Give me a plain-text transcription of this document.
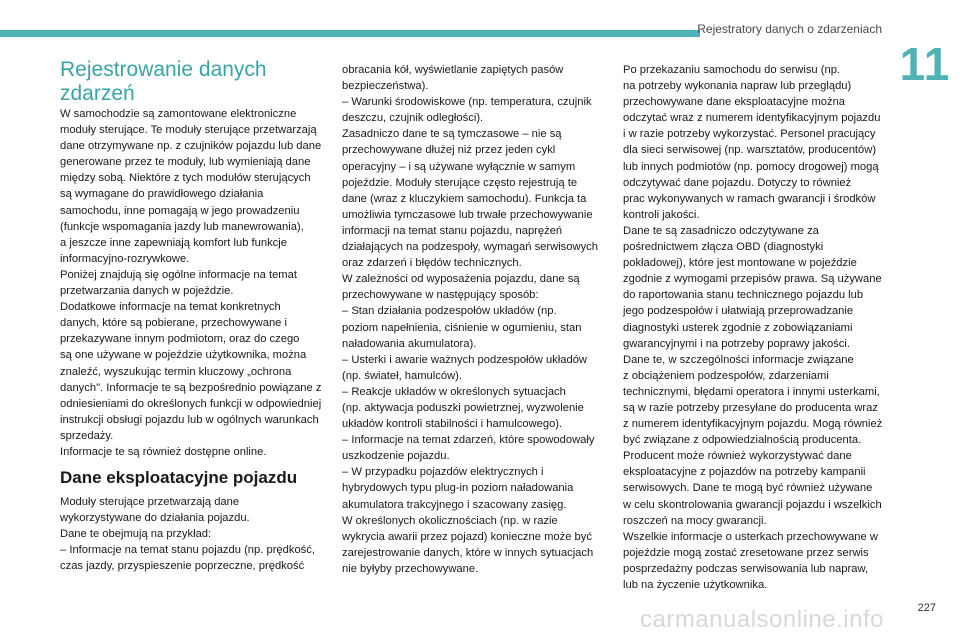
Rejestratory danych o zdarzeniach
11
Rejestrowanie danych
zdarzeń

W samochodzie są zamontowane elektroniczne
moduły sterujące. Te moduły sterujące przetwarzają
dane otrzymywane np. z czujników pojazdu lub dane
generowane przez te moduły, lub wymieniają dane
między sobą. Niektóre z tych modułów sterujących
są wymagane do prawidłowego działania
samochodu, inne pomagają w jego prowadzeniu
(funkcje wspomagania jazdy lub manewrowania),
a jeszcze inne zapewniają komfort lub funkcje
informacyjno-rozrywkowe.

Poniżej znajdują się ogólne informacje na temat
przetwarzania danych w pojeździe.

Dodatkowe informacje na temat konkretnych
danych, które są pobierane, przechowywane i
przekazywane innym podmiotom, oraz do czego
są one używane w pojeździe użytkownika, można
znaleźć, wyszukując termin kluczowy „ochrona
danych". Informacje te są bezpośrednio powiązane z
odniesieniami do określonych funkcji w odpowiedniej
instrukcji obsługi pojazdu lub w ogólnych warunkach
sprzedaży.

Informacje te są również dostępne online.

Dane eksploatacyjne pojazdu

Moduły sterujące przetwarzają dane
wykorzystywane do działania pojazdu.

Dane te obejmują na przykład:

– Informacje na temat stanu pojazdu (np. prędkość,
czas jazdy, przyspieszenie poprzeczne, prędkość

obracania kół, wyświetlanie zapiętych pasów
bezpieczeństwa).

– Warunki środowiskowe (np. temperatura, czujnik
deszczu, czujnik odległości).

Zasadniczo dane te są tymczasowe – nie są
przechowywane dłużej niż przez jeden cykl
operacyjny – i są używane wyłącznie w samym
pojeździe. Moduły sterujące często rejestrują te
dane (wraz z kluczykiem samochodu). Funkcja ta
umożliwia tymczasowe lub trwałe przechowywanie
informacji na temat stanu pojazdu, naprężeń
działających na podzespoły, wymagań serwisowych
oraz zdarzeń i błędów technicznych.

W zależności od wyposażenia pojazdu, dane są
przechowywane w następujący sposób:

– Stan działania podzespołów układów (np.
poziom napełnienia, ciśnienie w ogumieniu, stan
naładowania akumulatora).

– Usterki i awarie ważnych podzespołów układów
(np. świateł, hamulców).

– Reakcje układów w określonych sytuacjach
(np. aktywacja poduszki powietrznej, wyzwolenie
układów kontroli stabilności i hamulcowego).

– Informacje na temat zdarzeń, które spowodowały
uszkodzenie pojazdu.

– W przypadku pojazdów elektrycznych i
hybrydowych typu plug-in poziom naładowania
akumulatora trakcyjnego i szacowany zasięg.

W określonych okolicznościach (np. w razie
wykrycia awarii przez pojazd) konieczne może być
zarejestrowanie danych, które w innych sytuacjach
nie byłyby przechowywane.

Po przekazaniu samochodu do serwisu (np.
na potrzeby wykonania napraw lub przeglądu)
przechowywane dane eksploatacyjne można
odczytać wraz z numerem identyfikacyjnym pojazdu
i w razie potrzeby wykorzystać. Personel pracujący
dla sieci serwisowej (np. warsztatów, producentów)
lub innych podmiotów (np. pomocy drogowej) mogą
odczytywać dane pojazdu. Dotyczy to również
prac wykonywanych w ramach gwarancji i środków
kontroli jakości.

Dane te są zasadniczo odczytywane za
pośrednictwem złącza OBD (diagnostyki
pokładowej), które jest montowane w pojeździe
zgodnie z wymogami przepisów prawa. Są używane
do raportowania stanu technicznego pojazdu lub
jego podzespołów i ułatwiają przeprowadzanie
diagnostyki usterek zgodnie z zobowiązaniami
gwarancyjnymi i na potrzeby poprawy jakości.

Dane te, w szczególności informacje związane
z obciążeniem podzespołów, zdarzeniami
technicznymi, błędami operatora i innymi usterkami,
są w razie potrzeby przesyłane do producenta wraz
z numerem identyfikacyjnym pojazdu. Mogą również
być związane z odpowiedzialnością producenta.

Producent może również wykorzystywać dane
eksploatacyjne z pojazdów na potrzeby kampanii
serwisowych. Dane te mogą być również używane
w celu skontrolowania gwarancji pojazdu i wszelkich
roszczeń na mocy gwarancji.

Wszelkie informacje o usterkach przechowywane w
pojeździe mogą zostać zresetowane przez serwis
posprzedażny podczas serwisowania lub napraw,
lub na życzenie użytkownika.

227
carmanualsonline.info
